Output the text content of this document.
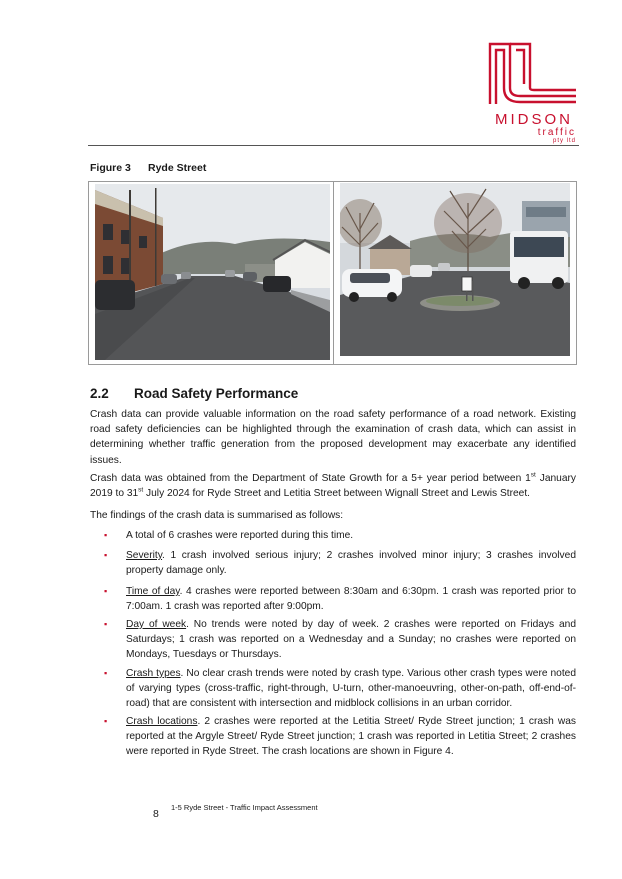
MIDSON
traffic
pty ltd
Figure 3 Ryde Street
2.2 Road Safety Performance
Crash data can provide valuable information on the road safety performance of a road network. Existing road safety deficiencies can be highlighted through the examination of crash data, which can assist in determining whether traffic generation from the proposed development may exacerbate any identified issues.
Crash data was obtained from the Department of State Growth for a 5+ year period between 1st January 2019 to 31st July 2024 for Ryde Street and Letitia Street between Wignall Street and Lewis Street.
The findings of the crash data is summarised as follows:
▪	A total of 6 crashes were reported during this time.
▪	Severity. 1 crash involved serious injury; 2 crashes involved minor injury; 3 crashes involved property damage only.
▪	Time of day. 4 crashes were reported between 8:30am and 6:30pm. 1 crash was reported prior to 7:00am. 1 crash was reported after 9:00pm.
▪	Day of week. No trends were noted by day of week. 2 crashes were reported on Fridays and Saturdays; 1 crash was reported on a Wednesday and a Sunday; no crashes were reported on Mondays, Tuesdays or Thursdays.
▪	Crash types. No clear crash trends were noted by crash type. Various other crash types were noted of varying types (cross-traffic, right-through, U-turn, other-manoeuvring, other-on-path, off-end-of-road) that are consistent with intersection and midblock collisions in an urban corridor.
▪	Crash locations. 2 crashes were reported at the Letitia Street/ Ryde Street junction; 1 crash was reported at the Argyle Street/ Ryde Street junction; 1 crash was reported in Letitia Street; 2 crashes were reported in Ryde Street. The crash locations are shown in Figure 4.
8
1-5 Ryde Street - Traffic Impact Assessment
